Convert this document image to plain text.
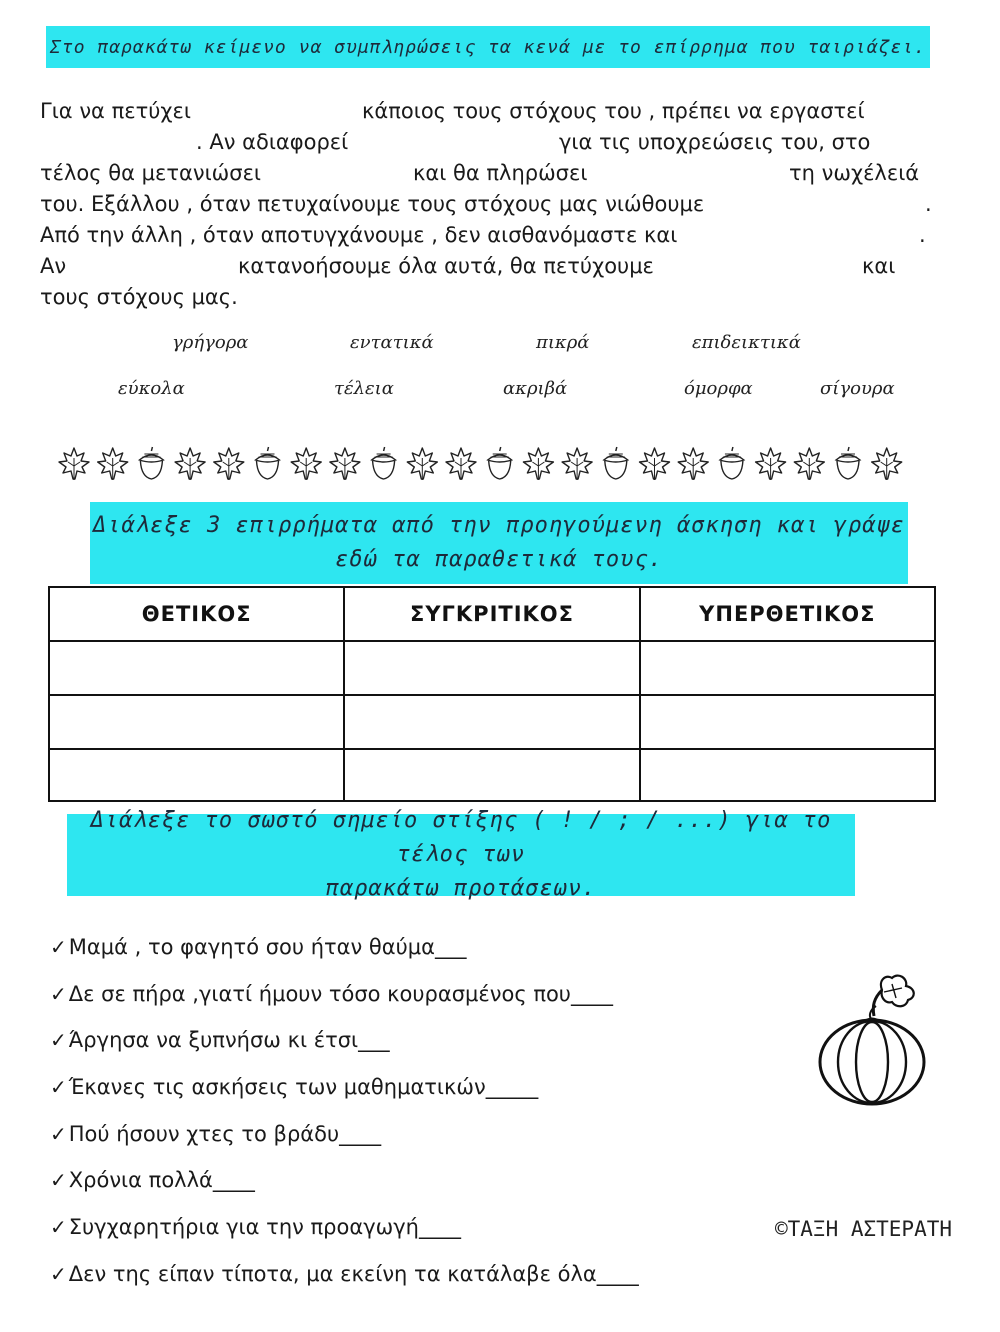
Στο παρακάτω κείμενο να συμπληρώσεις τα κενά με το επίρρημα που ταιριάζει.
Για να πετύχει	κάποιος τους στόχους του , πρέπει να εργαστεί
. Αν αδιαφορεί	για τις υποχρεώσεις του, στο
τέλος θα μετανιώσει	και θα πληρώσει	τη νωχέλειά
του. Εξάλλου , όταν πετυχαίνουμε τους στόχους μας νιώθουμε	.
Από την άλλη , όταν αποτυγχάνουμε , δεν αισθανόμαστε και	.
Αν	κατανοήσουμε όλα αυτά, θα πετύχουμε	και
τους στόχους μας.
γρήγορα	εντατικά	πικρά	επιδεικτικά
εύκολα	τέλεια	ακριβά	όμορφα	σίγουρα
Διάλεξε 3 επιρρήματα από την προηγούμενη άσκηση και γράψε
εδώ τα παραθετικά τους.
ΘΕΤΙΚΟΣ	ΣΥΓΚΡΙΤΙΚΟΣ	ΥΠΕΡΘΕΤΙΚΟΣ

Διάλεξε το σωστό σημείο στίξης ( ! / ; / ...) για το τέλος των
παρακάτω προτάσεων.
✓Μαμά , το φαγητό σου ήταν θαύμα___
✓Δε σε πήρα ,γιατί ήμουν τόσο κουρασμένος που____
✓Άργησα να ξυπνήσω κι έτσι___
✓Έκανες τις ασκήσεις των μαθηματικών_____
✓Πού ήσουν χτες το βράδυ____
✓Χρόνια πολλά____
✓Συγχαρητήρια για την προαγωγή____
✓Δεν της είπαν τίποτα, μα εκείνη τα κατάλαβε όλα____
©ΤΑΞΗ ΑΣΤΕΡΑΤΗ
